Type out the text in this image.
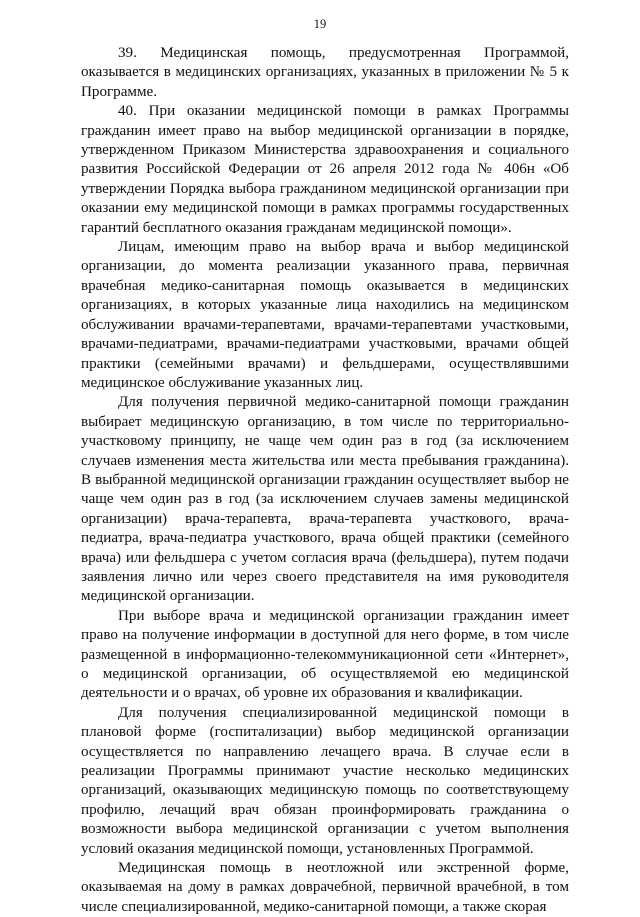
19

39. Медицинская помощь, предусмотренная Программой, оказывается в медицинских организациях, указанных в приложении № 5 к Программе.

40. При оказании медицинской помощи в рамках Программы гражданин имеет право на выбор медицинской организации в порядке, утвержденном Приказом Министерства здравоохранения и социального развития Российской Федерации от 26 апреля 2012 года № 406н «Об утверждении Порядка выбора гражданином медицинской организации при оказании ему медицинской помощи в рамках программы государственных гарантий бесплатного оказания гражданам медицинской помощи».

Лицам, имеющим право на выбор врача и выбор медицинской организации, до момента реализации указанного права, первичная врачебная медико-санитарная помощь оказывается в медицинских организациях, в которых указанные лица находились на медицинском обслуживании врачами-терапевтами, врачами-терапевтами участковыми, врачами-педиатрами, врачами-педиатрами участковыми, врачами общей практики (семейными врачами) и фельдшерами, осуществлявшими медицинское обслуживание указанных лиц.

Для получения первичной медико-санитарной помощи гражданин выбирает медицинскую организацию, в том числе по территориально-участковому принципу, не чаще чем один раз в год (за исключением случаев изменения места жительства или места пребывания гражданина). В выбранной медицинской организации гражданин осуществляет выбор не чаще чем один раз в год (за исключением случаев замены медицинской организации) врача-терапевта, врача-терапевта участкового, врача-педиатра, врача-педиатра участкового, врача общей практики (семейного врача) или фельдшера с учетом согласия врача (фельдшера), путем подачи заявления лично или через своего представителя на имя руководителя медицинской организации.

При выборе врача и медицинской организации гражданин имеет право на получение информации в доступной для него форме, в том числе размещенной в информационно-телекоммуникационной сети «Интернет», о медицинской организации, об осуществляемой ею медицинской деятельности и о врачах, об уровне их образования и квалификации.

Для получения специализированной медицинской помощи в плановой форме (госпитализации) выбор медицинской организации осуществляется по направлению лечащего врача. В случае если в реализации Программы принимают участие несколько медицинских организаций, оказывающих медицинскую помощь по соответствующему профилю, лечащий врач обязан проинформировать гражданина о возможности выбора медицинской организации с учетом выполнения условий оказания медицинской помощи, установленных Программой.

Медицинская помощь в неотложной или экстренной форме, оказываемая на дому в рамках доврачебной, первичной врачебной, в том числе специализированной, медико-санитарной помощи, а также скорая
